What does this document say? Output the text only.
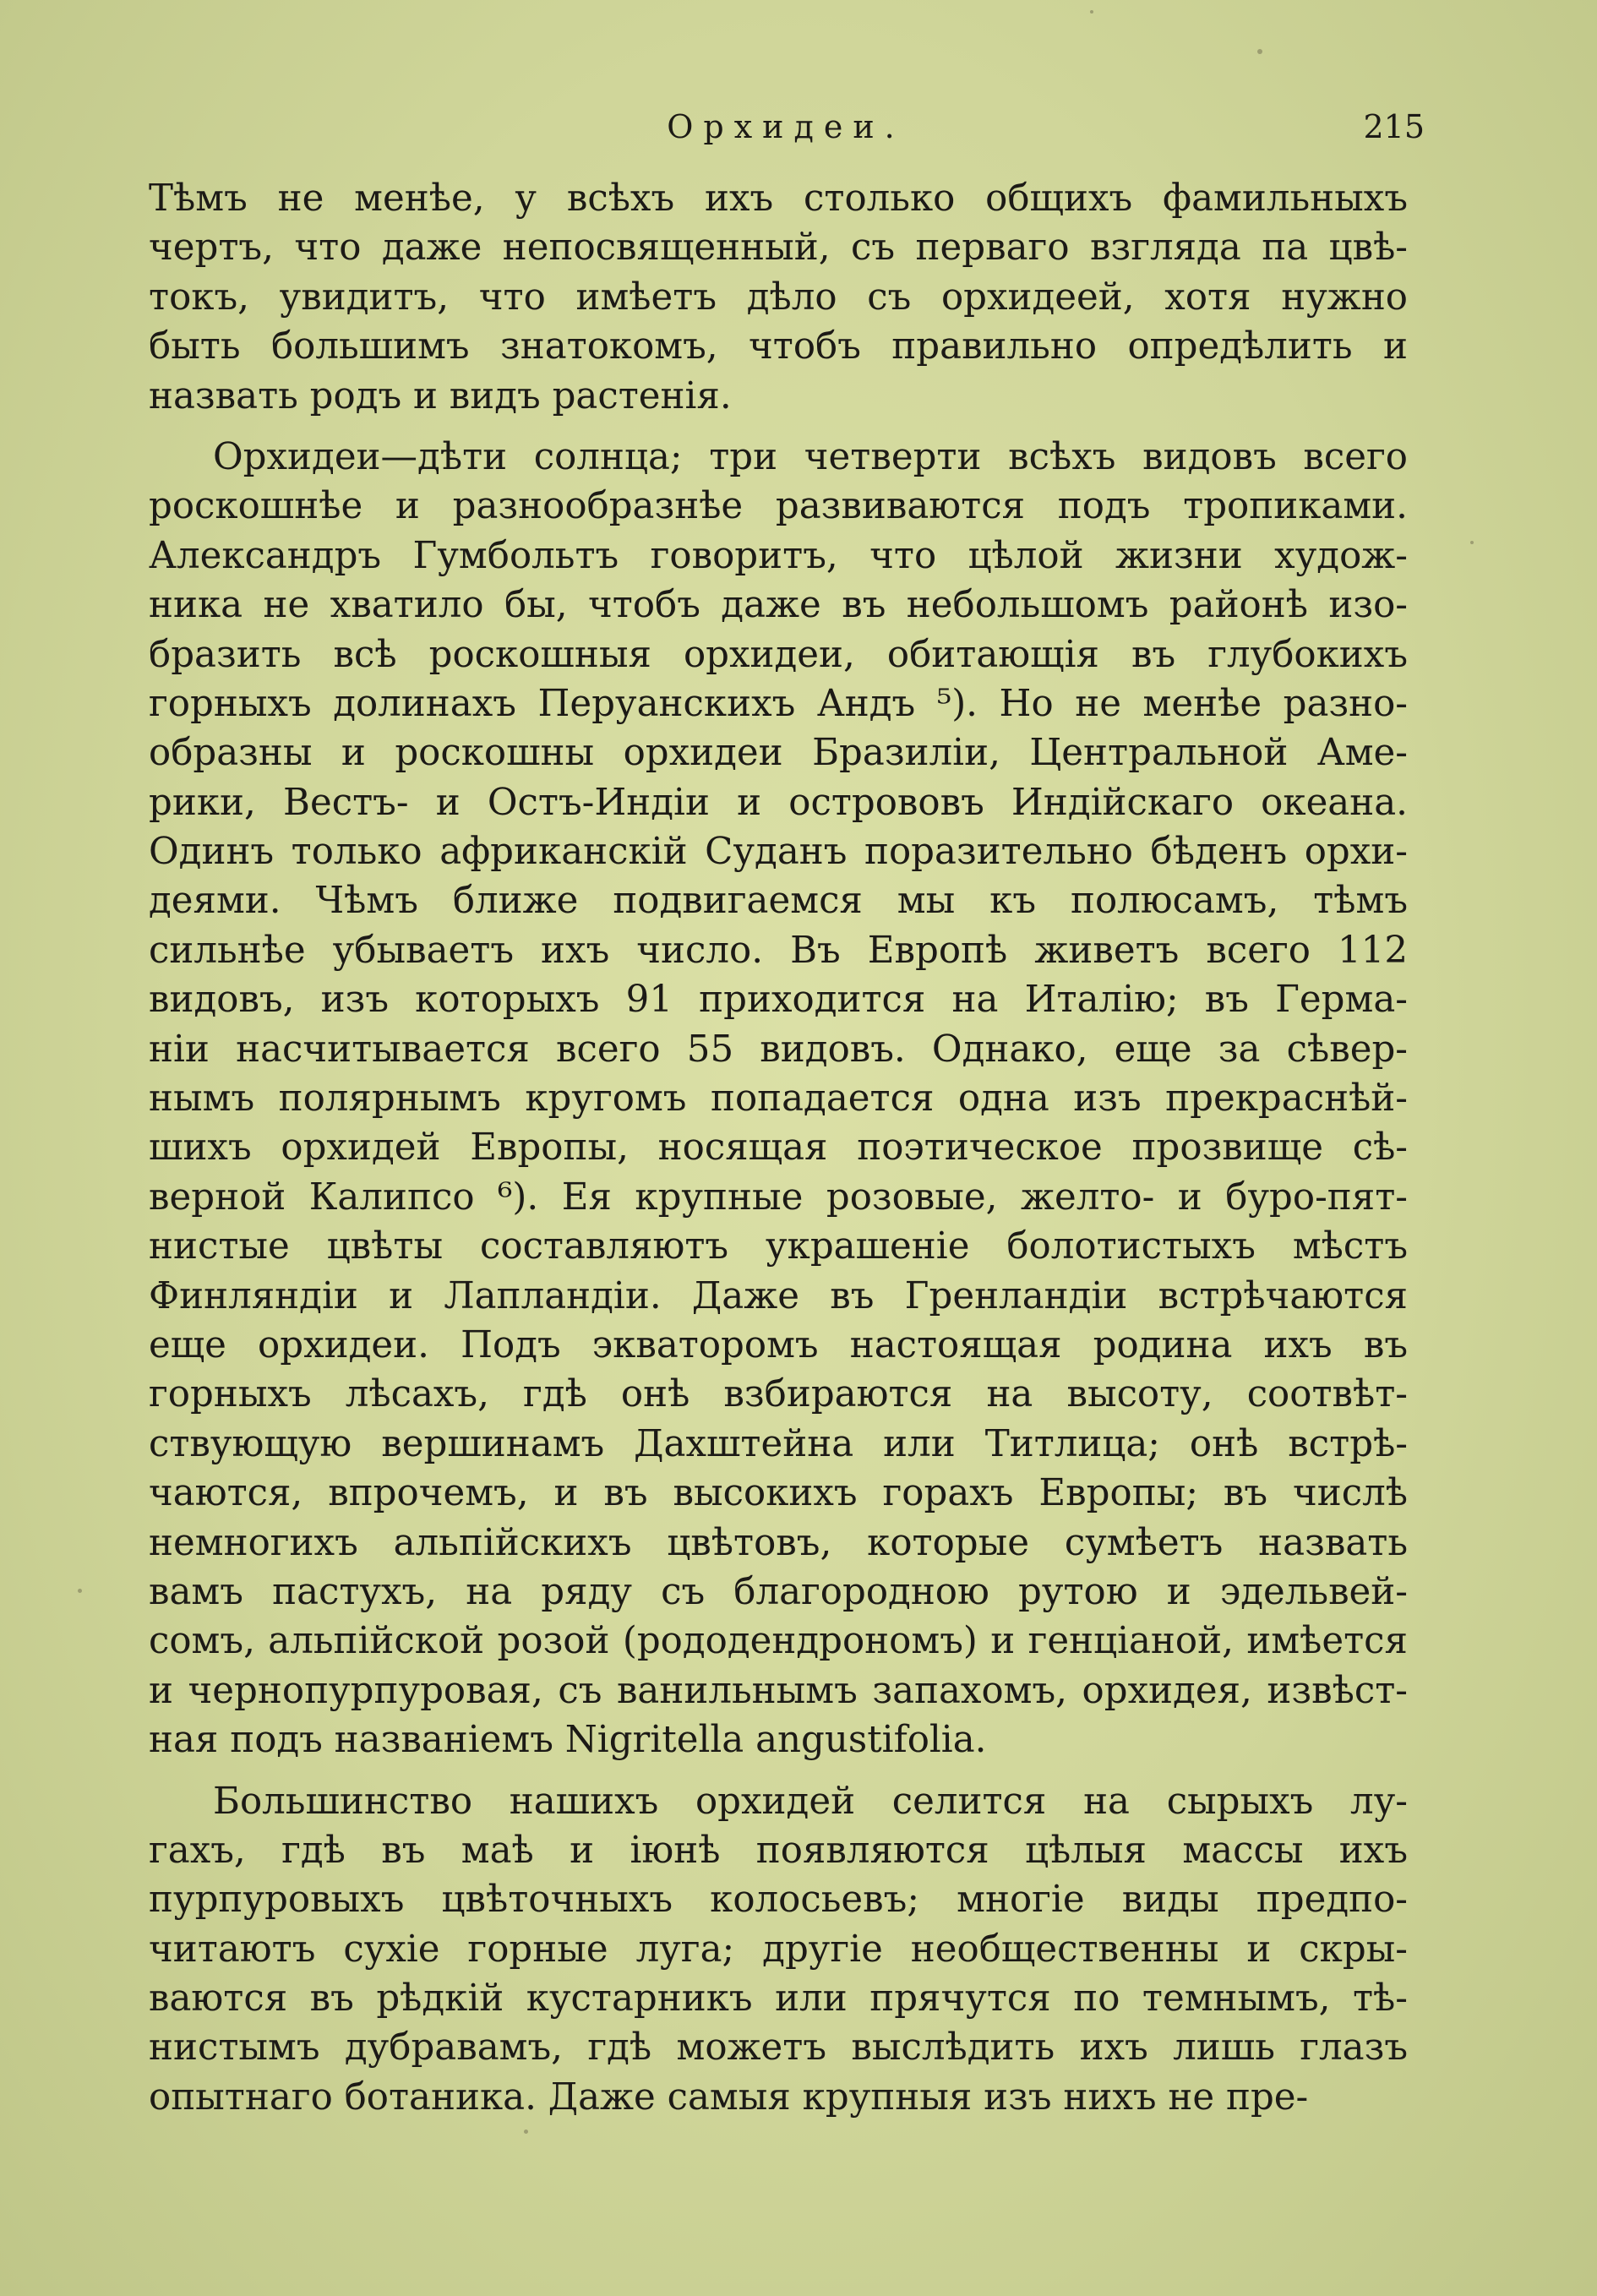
Орхидеи.	215
Тѣмъ не менѣе, у всѣхъ ихъ столько общихъ фамильныхъ
чертъ, что даже непосвященный, съ перваго взгляда па цвѣ-
токъ, увидитъ, что имѣетъ дѣло съ орхидеей, хотя нужно
быть большимъ знатокомъ, чтобъ правильно опредѣлить и
назвать родъ и видъ растенія.
Орхидеи—дѣти солнца; три четверти всѣхъ видовъ всего
роскошнѣе и разнообразнѣе развиваются подъ тропиками.
Александръ Гумбольтъ говоритъ, что цѣлой жизни худож-
ника не хватило бы, чтобъ даже въ небольшомъ районѣ изо-
бразить всѣ роскошныя орхидеи, обитающія въ глубокихъ
горныхъ долинахъ Перуанскихъ Андъ ⁵). Но не менѣе разно-
образны и роскошны орхидеи Бразиліи, Центральной Аме-
рики, Вестъ- и Остъ-Индіи и острововъ Индійскаго океана.
Одинъ только африканскій Суданъ поразительно бѣденъ орхи-
деями. Чѣмъ ближе подвигаемся мы къ полюсамъ, тѣмъ
сильнѣе убываетъ ихъ число. Въ Европѣ живетъ всего 112
видовъ, изъ которыхъ 91 приходится на Италію; въ Герма-
ніи насчитывается всего 55 видовъ. Однако, еще за сѣвер-
нымъ полярнымъ кругомъ попадается одна изъ прекраснѣй-
шихъ орхидей Европы, носящая поэтическое прозвище сѣ-
верной Калипсо ⁶). Ея крупные розовые, желто- и буро-пят-
нистые цвѣты составляютъ украшеніе болотистыхъ мѣстъ
Финляндіи и Лапландіи. Даже въ Гренландіи встрѣчаются
еще орхидеи. Подъ экваторомъ настоящая родина ихъ въ
горныхъ лѣсахъ, гдѣ онѣ взбираются на высоту, соотвѣт-
ствующую вершинамъ Дахштейна или Титлица; онѣ встрѣ-
чаются, впрочемъ, и въ высокихъ горахъ Европы; въ числѣ
немногихъ альпійскихъ цвѣтовъ, которые сумѣетъ назвать
вамъ пастухъ, на ряду съ благородною рутою и эдельвей-
сомъ, альпійской розой (рододендрономъ) и генціаной, имѣется
и чернопурпуровая, съ ванильнымъ запахомъ, орхидея, извѣст-
ная подъ названіемъ Nigritella angustifolia.
Большинство нашихъ орхидей селится на сырыхъ лу-
гахъ, гдѣ въ маѣ и іюнѣ появляются цѣлыя массы ихъ
пурпуровыхъ цвѣточныхъ колосьевъ; многіе виды предпо-
читаютъ сухіе горные луга; другіе необщественны и скры-
ваются въ рѣдкій кустарникъ или прячутся по темнымъ, тѣ-
нистымъ дубравамъ, гдѣ можетъ выслѣдить ихъ лишь глазъ
опытнаго ботаника. Даже самыя крупныя изъ нихъ не пре-
